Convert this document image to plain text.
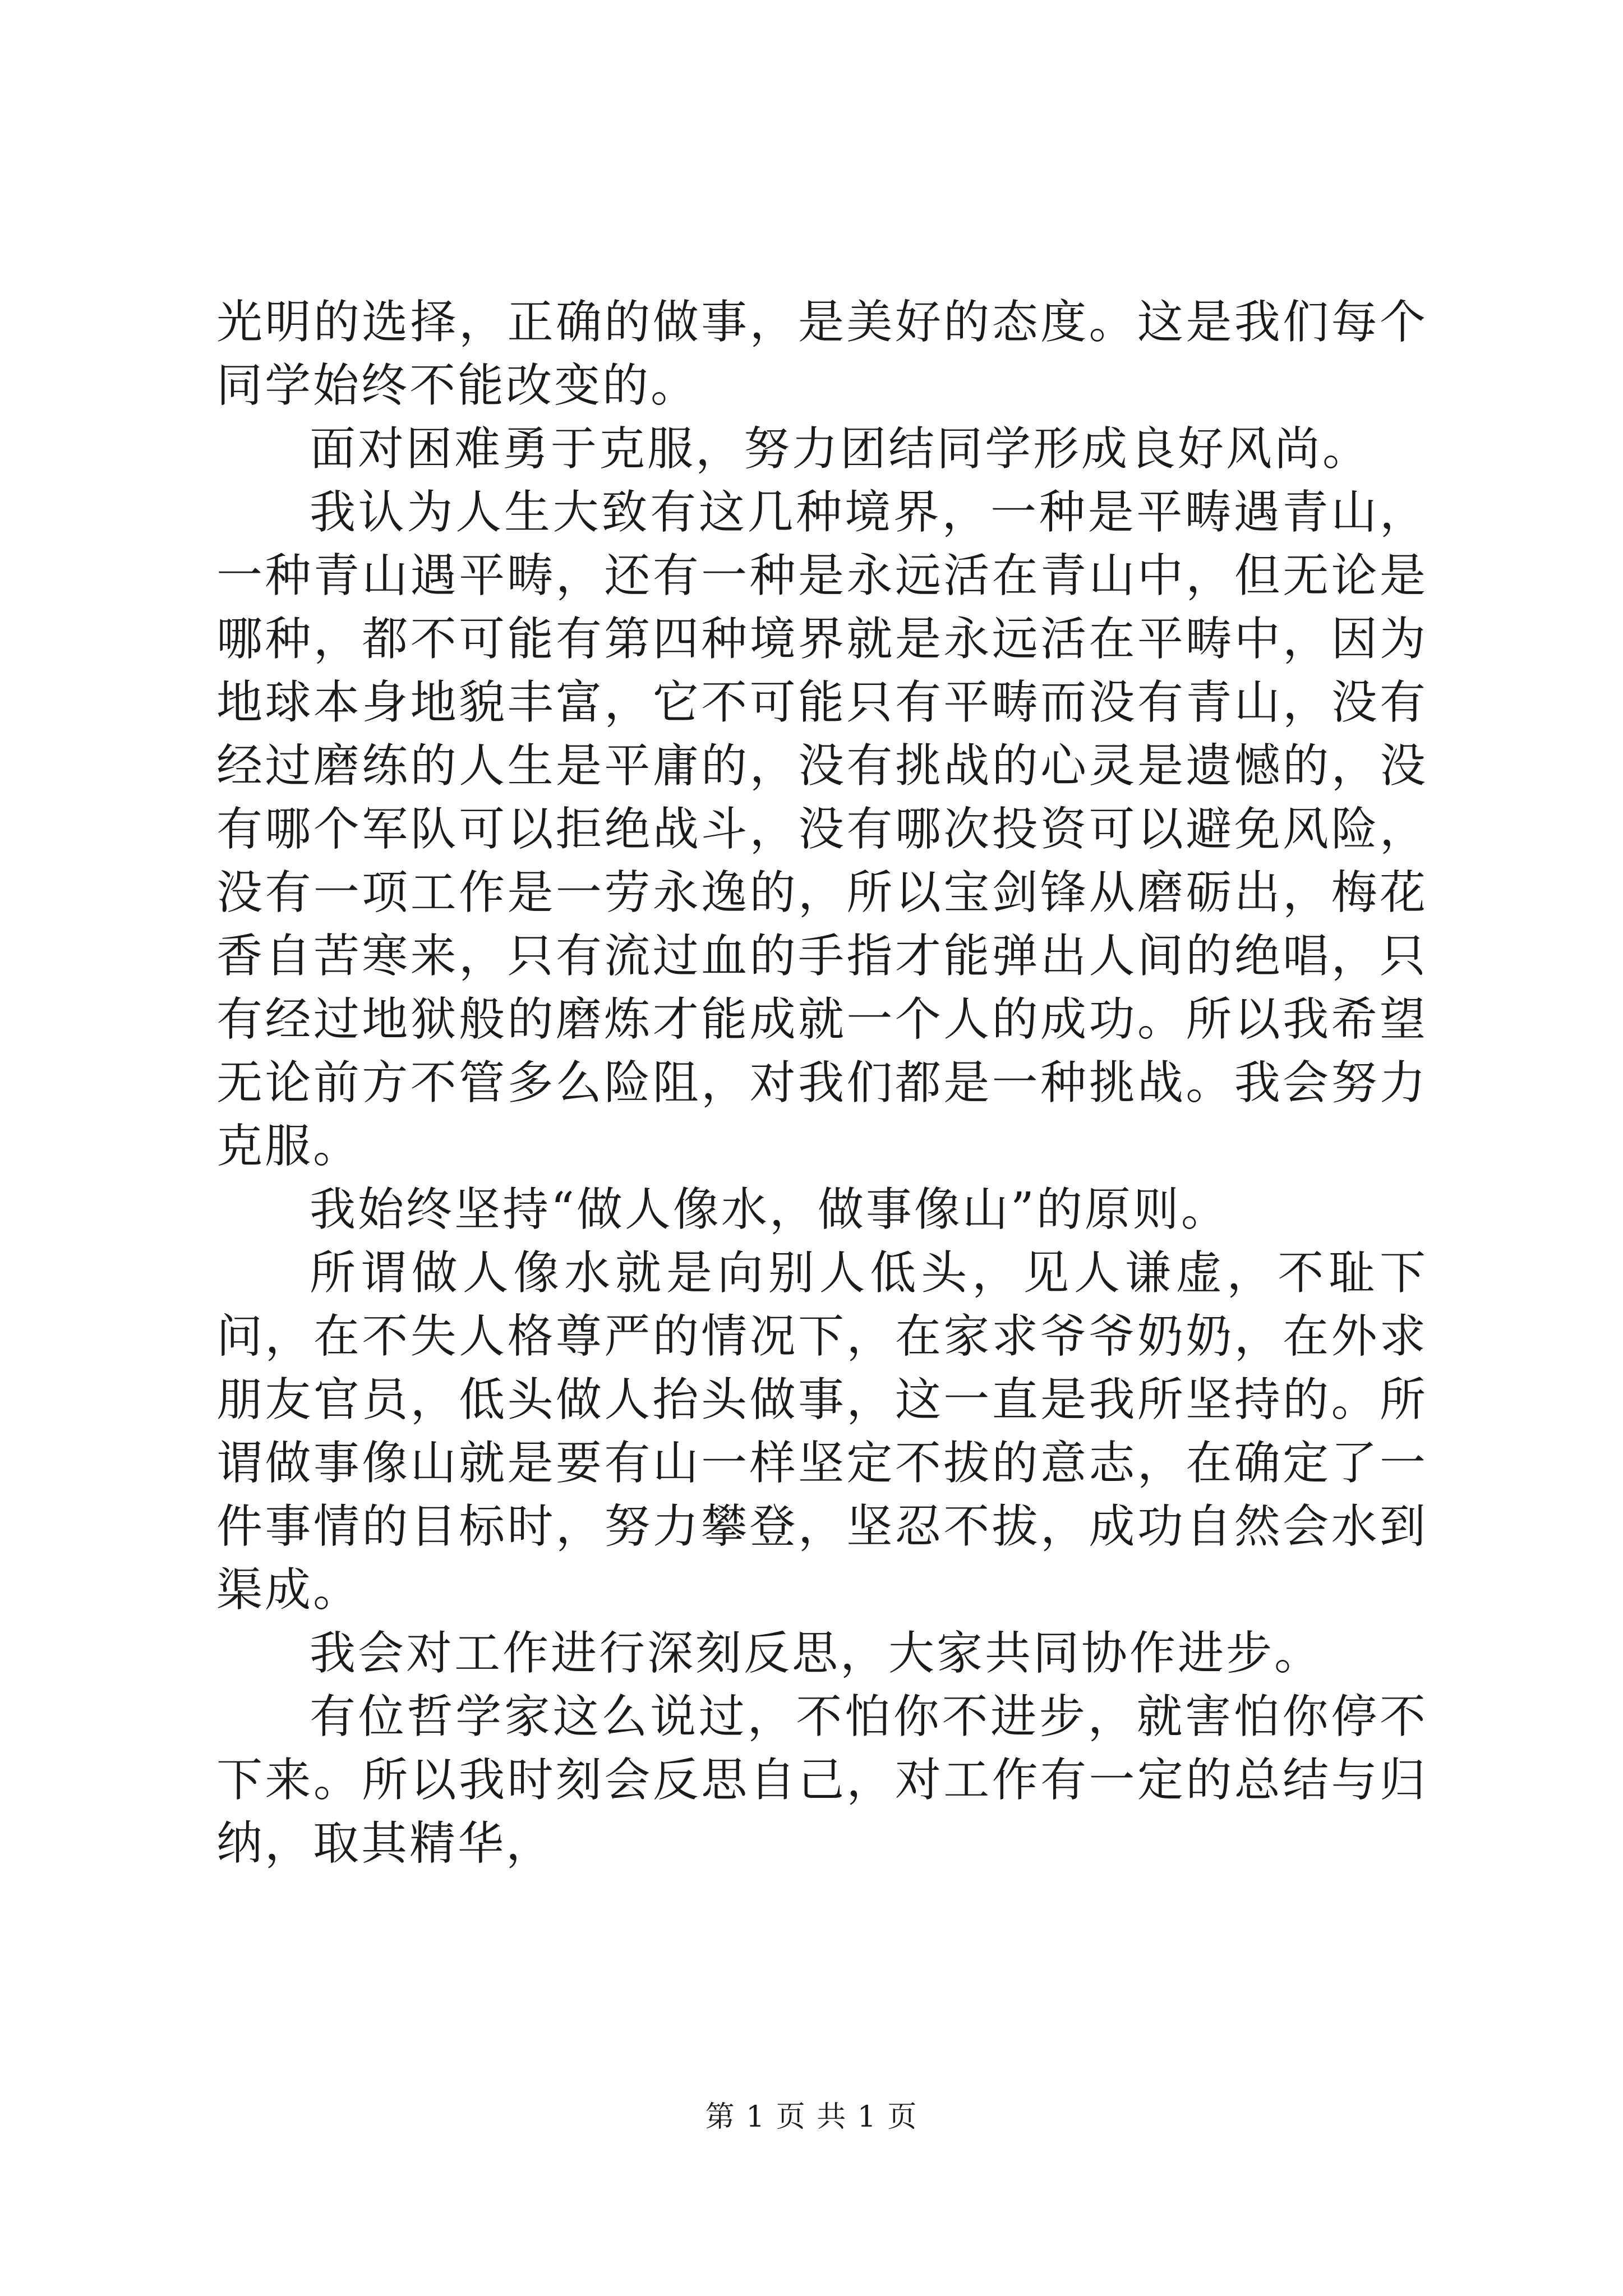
光明的选择，正确的做事，是美好的态度。这是我们每个同学始终不能改变的。

面对困难勇于克服，努力团结同学形成良好风尚。

我认为人生大致有这几种境界，一种是平畴遇青山，一种青山遇平畴，还有一种是永远活在青山中，但无论是哪种，都不可能有第四种境界就是永远活在平畴中，因为地球本身地貌丰富，它不可能只有平畴而没有青山，没有经过磨练的人生是平庸的，没有挑战的心灵是遗憾的，没有哪个军队可以拒绝战斗，没有哪次投资可以避免风险，没有一项工作是一劳永逸的，所以宝剑锋从磨砺出，梅花香自苦寒来，只有流过血的手指才能弹出人间的绝唱，只有经过地狱般的磨炼才能成就一个人的成功。所以我希望无论前方不管多么险阻，对我们都是一种挑战。我会努力克服。

我始终坚持“做人像水，做事像山”的原则。

所谓做人像水就是向别人低头，见人谦虚，不耻下问，在不失人格尊严的情况下，在家求爷爷奶奶，在外求朋友官员，低头做人抬头做事，这一直是我所坚持的。所谓做事像山就是要有山一样坚定不拔的意志，在确定了一件事情的目标时，努力攀登，坚忍不拔，成功自然会水到渠成。

我会对工作进行深刻反思，大家共同协作进步。

有位哲学家这么说过，不怕你不进步，就害怕你停不下来。所以我时刻会反思自己，对工作有一定的总结与归纳，取其精华，

第 1 页 共 1 页
